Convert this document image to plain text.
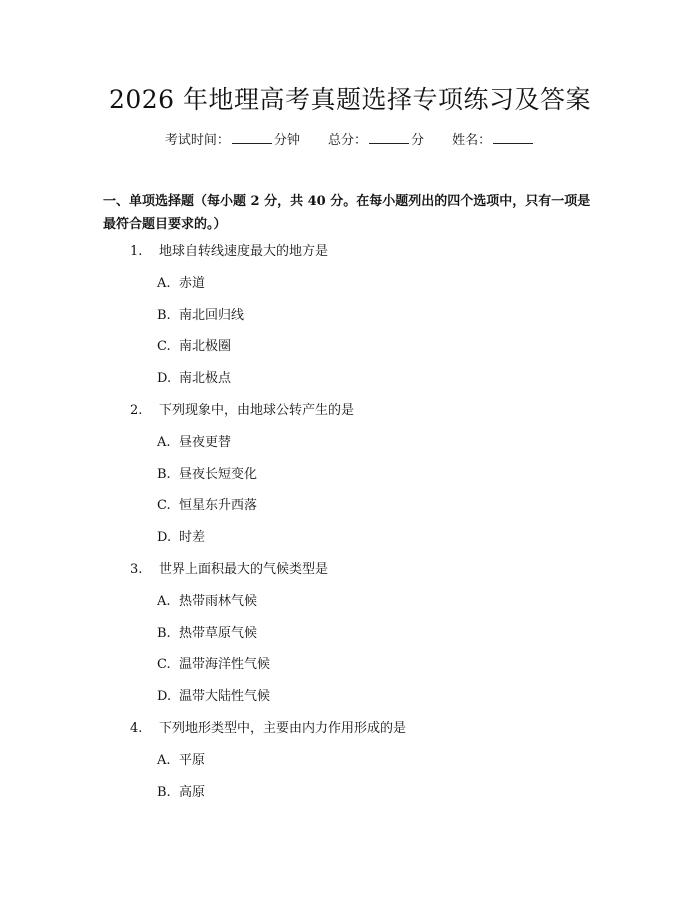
2026 年地理高考真题选择专项练习及答案
考试时间：	分钟 总分：	分 姓名：
一、单项选择题（每小题 2 分，共 40 分。在每小题列出的四个选项中，只有一项是最符合题目要求的。）
1. 地球自转线速度最大的地方是
A. 赤道
B. 南北回归线
C. 南北极圈
D. 南北极点
2. 下列现象中，由地球公转产生的是
A. 昼夜更替
B. 昼夜长短变化
C. 恒星东升西落
D. 时差
3. 世界上面积最大的气候类型是
A. 热带雨林气候
B. 热带草原气候
C. 温带海洋性气候
D. 温带大陆性气候
4. 下列地形类型中，主要由内力作用形成的是
A. 平原
B. 高原
